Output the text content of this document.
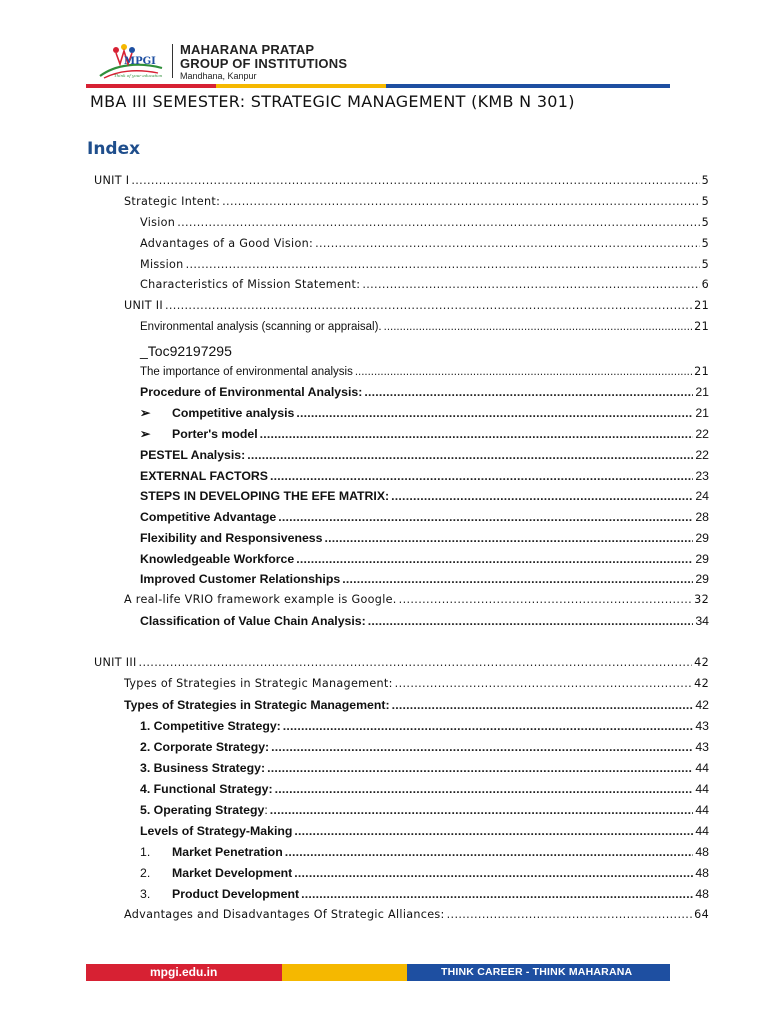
MPGI
Think of your education
MAHARANA PRATAP
GROUP OF INSTITUTIONS
Mandhana, Kanpur
MBA III SEMESTER: STRATEGIC MANAGEMENT (KMB N 301)
Index
UNIT I . . .	5
Strategic Intent: . . .	5
Vision . . .	5
Advantages of a Good Vision: . . .	5
Mission . . .	5
Characteristics of Mission Statement: . . .	6
UNIT II . . .	21
Environmental analysis (scanning or appraisal). . . .	21
_Toc92197295
The importance of environmental analysis . . .	21
Procedure of Environmental Analysis: . . .	21
➢	Competitive analysis . . .	21
➢	Porter's model . . .	22
PESTEL Analysis: . . .	22
EXTERNAL FACTORS . . .	23
STEPS IN DEVELOPING THE EFE MATRIX: . . .	24
Competitive Advantage . . .	28
Flexibility and Responsiveness . . .	29
Knowledgeable Workforce . . .	29
Improved Customer Relationships . . .	29
A real-life VRIO framework example is Google. . . .	32
Classification of Value Chain Analysis: . . .	34
UNIT III . . .	42
Types of Strategies in Strategic Management: . . .	42
Types of Strategies in Strategic Management: . . .	42
1. Competitive Strategy: . . .	43
2. Corporate Strategy: . . .	43
3. Business Strategy: . . .	44
4. Functional Strategy: . . .	44
5. Operating Strategy : . . .	44
Levels of Strategy-Making . . .	44
1.	Market Penetration . . .	48
2.	Market Development . . .	48
3.	Product Development . . .	48
Advantages and Disadvantages Of Strategic Alliances: . . .	64
mpgi.edu.in	THINK CAREER - THINK MAHARANA
